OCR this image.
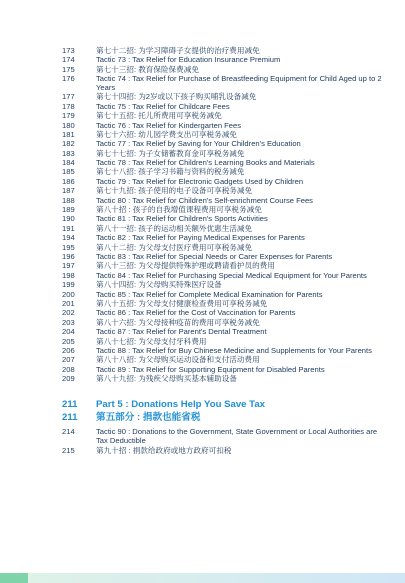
173	第七十二招: 为学习障碍子女提供的治疗费用减免
174	Tactic 73 : Tax Relief for Education Insurance Premium
175	第七十三招: 教育保险保费减免
176	Tactic 74 : Tax Relief for Purchase of Breastfeeding Equipment for Child Aged up to 2 Years
177	第七十四招: 为2岁或以下孩子购买哺乳设备减免
178	Tactic 75 : Tax Relief for Childcare Fees
179	第七十五招: 托儿所费用可享税务减免
180	Tactic 76 : Tax Relief for Kindergarten Fees
181	第七十六招: 幼儿园学费支出可享税务减免
182	Tactic 77 : Tax Relief by Saving for Your Children's Education
183	第七十七招: 为子女储蓄教育金可享税务减免
184	Tactic 78 : Tax Relief for Children's Learning Books and Materials
185	第七十八招: 孩子学习书籍与资料的税务减免
186	Tactic 79 : Tax Relief for Electronic Gadgets Used by Children
187	第七十九招: 孩子使用的电子设备可享税务减免
188	Tactic 80 : Tax Relief for Children's Self-enrichment Course Fees
189	第八十招 : 孩子的自我增值课程费用可享税务减免
190	Tactic 81 : Tax Relief for Children's Sports Activities
191	第八十一招: 孩子的运动相关额外优惠生活减免
194	Tactic 82 : Tax Relief for Paying Medical Expenses for Parents
195	第八十二招: 为父母支付医疗费用可享税务减免
196	Tactic 83 : Tax Relief for Special Needs or Carer Expenses for Parents
197	第八十三招: 为父母提供特殊护理或聘请看护员的费用
198	Tactic 84 : Tax Relief for Purchasing Special Medical Equipment for Your Parents
199	第八十四招: 为父母购买特殊医疗设备
200	Tactic 85 : Tax Relief for Complete Medical Examination for Parents
201	第八十五招: 为父母支付健康检查费用可享税务减免
202	Tactic 86 : Tax Relief for the Cost of Vaccination for Parents
203	第八十六招: 为父母接种疫苗的费用可享税务减免
204	Tactic 87 : Tax Relief for Parent's Dental Treatment
205	第八十七招: 为父母支付牙科费用
206	Tactic 88 : Tax Relief for Buy Chinese Medicine and Supplements for Your Parents
207	第八十八招: 为父母购买运动设备和支付活动费用
208	Tactic 89 : Tax Relief for Supporting Equipment for Disabled Parents
209	第八十九招: 为残疾父母购买基本辅助设备
211	Part 5 : Donations Help You Save Tax
211	第五部分 : 捐款也能省税
214	Tactic 90 : Donations to the Government, State Government or Local Authorities are Tax Deductible
215	第九十招 : 捐款给政府或地方政府可扣税
